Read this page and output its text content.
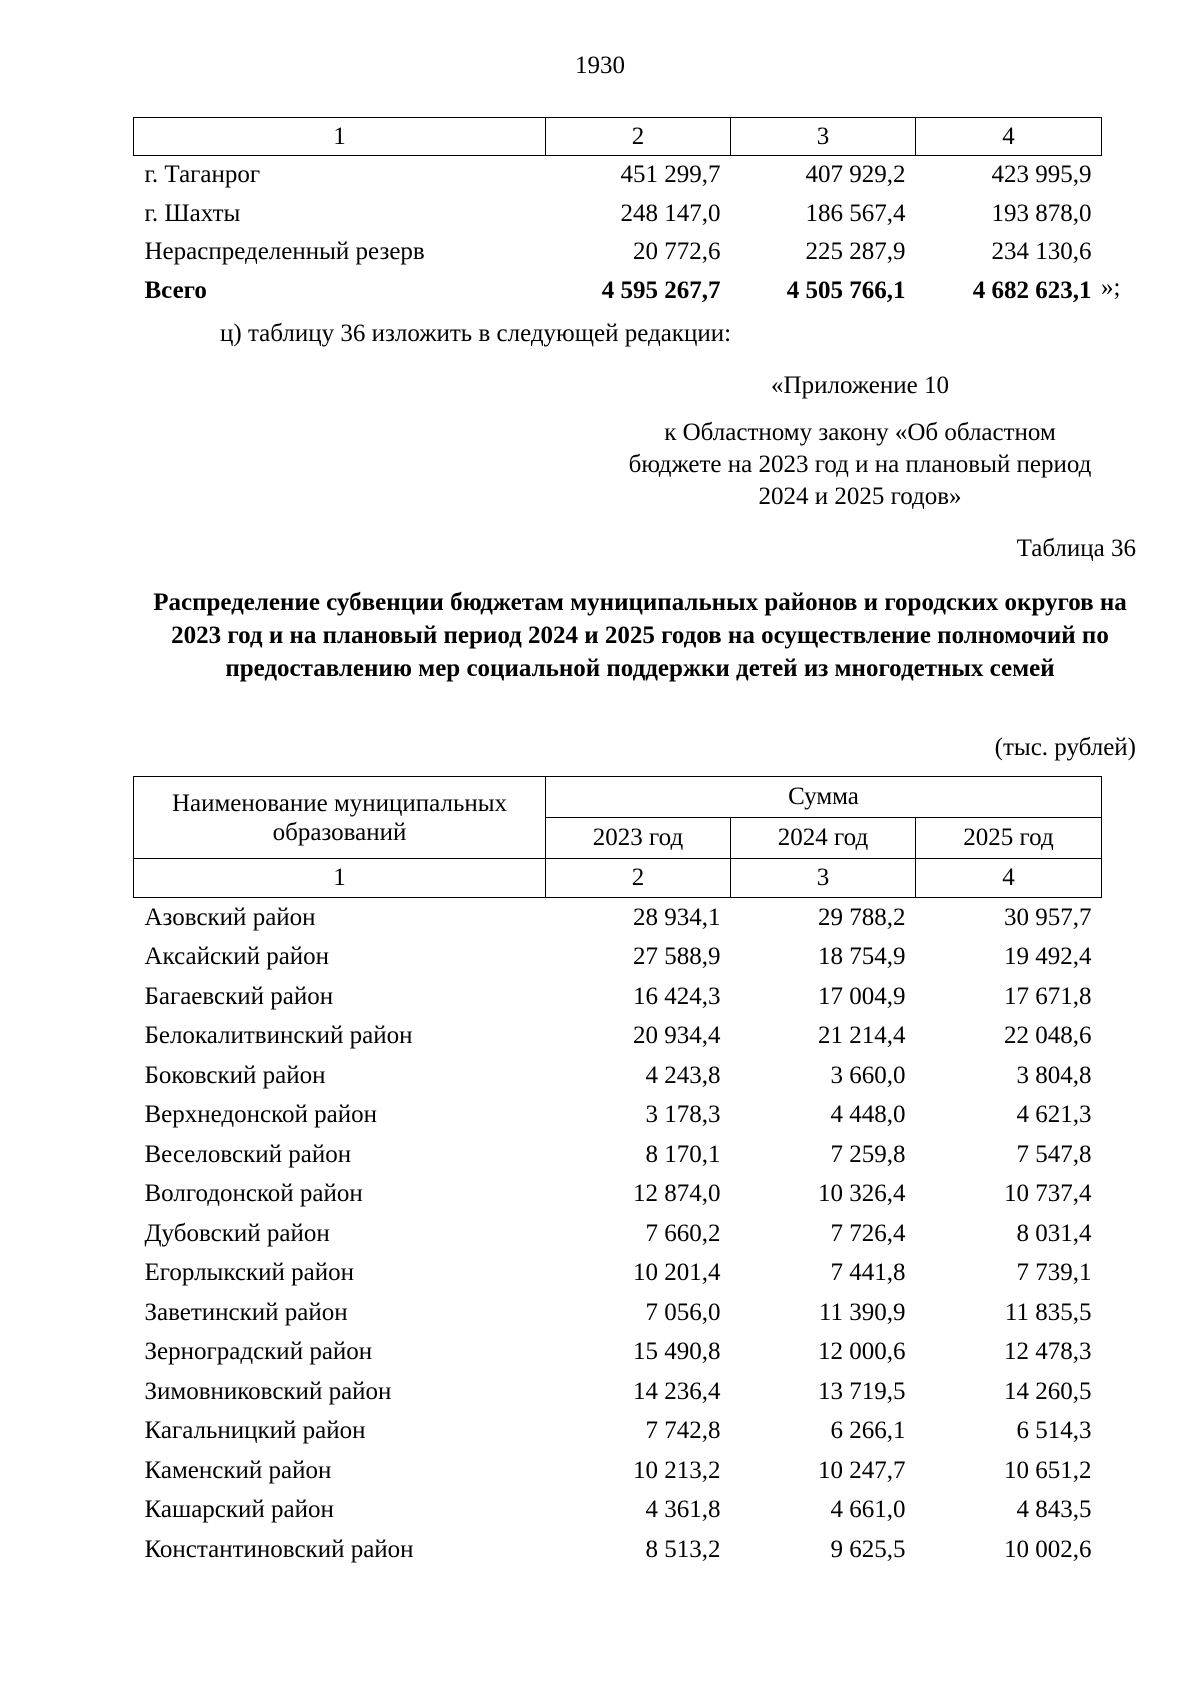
1930
1	2	3	4
г. Таганрог	451 299,7	407 929,2	423 995,9
г. Шахты	248 147,0	186 567,4	193 878,0
Нераспределенный резерв	20 772,6	225 287,9	234 130,6
Всего	4 595 267,7	4 505 766,1	4 682 623,1 »;
ц) таблицу 36 изложить в следующей редакции:
«Приложение 10
к Областному закону «Об областном бюджете на 2023 год и на плановый период 2024 и 2025 годов»
Таблица 36
Распределение субвенции бюджетам муниципальных районов и городских округов на 2023 год и на плановый период 2024 и 2025 годов на осуществление полномочий по предоставлению мер социальной поддержки детей из многодетных семей
(тыс. рублей)
Наименование муниципальных образований	Сумма		
	2023 год	2024 год	2025 год
1	2	3	4
Азовский район	28 934,1	29 788,2	30 957,7
Аксайский район	27 588,9	18 754,9	19 492,4
Багаевский район	16 424,3	17 004,9	17 671,8
Белокалитвинский район	20 934,4	21 214,4	22 048,6
Боковский район	4 243,8	3 660,0	3 804,8
Верхнедонской район	3 178,3	4 448,0	4 621,3
Веселовский район	8 170,1	7 259,8	7 547,8
Волгодонской район	12 874,0	10 326,4	10 737,4
Дубовский район	7 660,2	7 726,4	8 031,4
Егорлыкский район	10 201,4	7 441,8	7 739,1
Заветинский район	7 056,0	11 390,9	11 835,5
Зерноградский район	15 490,8	12 000,6	12 478,3
Зимовниковский район	14 236,4	13 719,5	14 260,5
Кагальницкий район	7 742,8	6 266,1	6 514,3
Каменский район	10 213,2	10 247,7	10 651,2
Кашарский район	4 361,8	4 661,0	4 843,5
Константиновский район	8 513,2	9 625,5	10 002,6
